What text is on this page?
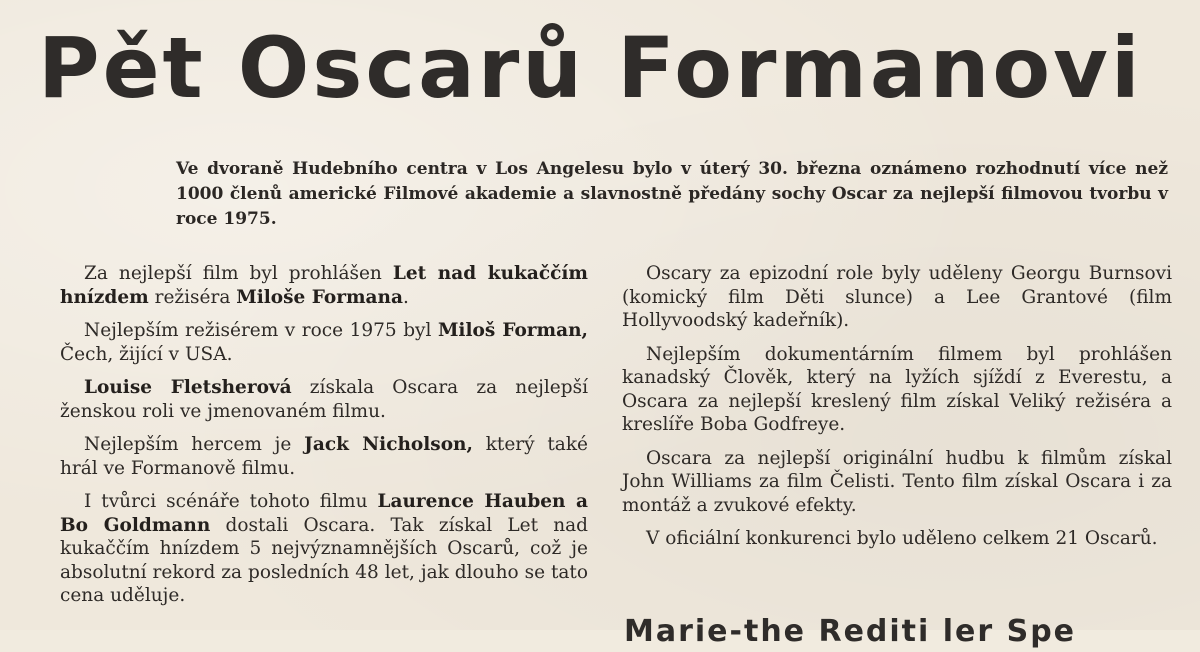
Pět Oscarů Formanovi

Ve dvoraně Hudebního centra v Los Angelesu bylo v úterý 30. března oznámeno rozhodnutí více než 1000 členů americké Filmové akademie a slavnostně předány sochy Oscar za nejlepší filmovou tvorbu v roce 1975.

Za nejlepší film byl prohlášen Let nad kukaččím hnízdem režiséra Miloše Formana.

Nejlepším režisérem v roce 1975 byl Miloš Forman, Čech, žijící v USA.

Louise Fletsherová získala Oscara za nejlepší ženskou roli ve jmenovaném filmu.

Nejlepším hercem je Jack Nicholson, který také hrál ve Formanově filmu.

I tvůrci scénáře tohoto filmu Laurence Hauben a Bo Goldmann dostali Oscara. Tak získal Let nad kukaččím hnízdem 5 nejvýznamnějších Oscarů, což je absolutní rekord za posledních 48 let, jak dlouho se tato cena uděluje.

Oscary za epizodní role byly uděleny Georgu Burnsovi (komický film Děti slunce) a Lee Grantové (film Hollyvoodský kadeřník).

Nejlepším dokumentárním filmem byl prohlášen kanadský Člověk, který na lyžích sjíždí z Everestu, a Oscara za nejlepší kreslený film získal Veliký režiséra a kreslíře Boba Godfreye.

Oscara za nejlepší originální hudbu k filmům získal John Williams za film Čelisti. Tento film získal Oscara i za montáž a zvukové efekty.

V oficiální konkurenci bylo uděleno celkem 21 Oscarů.

Marie-the Rediti ler Spe
